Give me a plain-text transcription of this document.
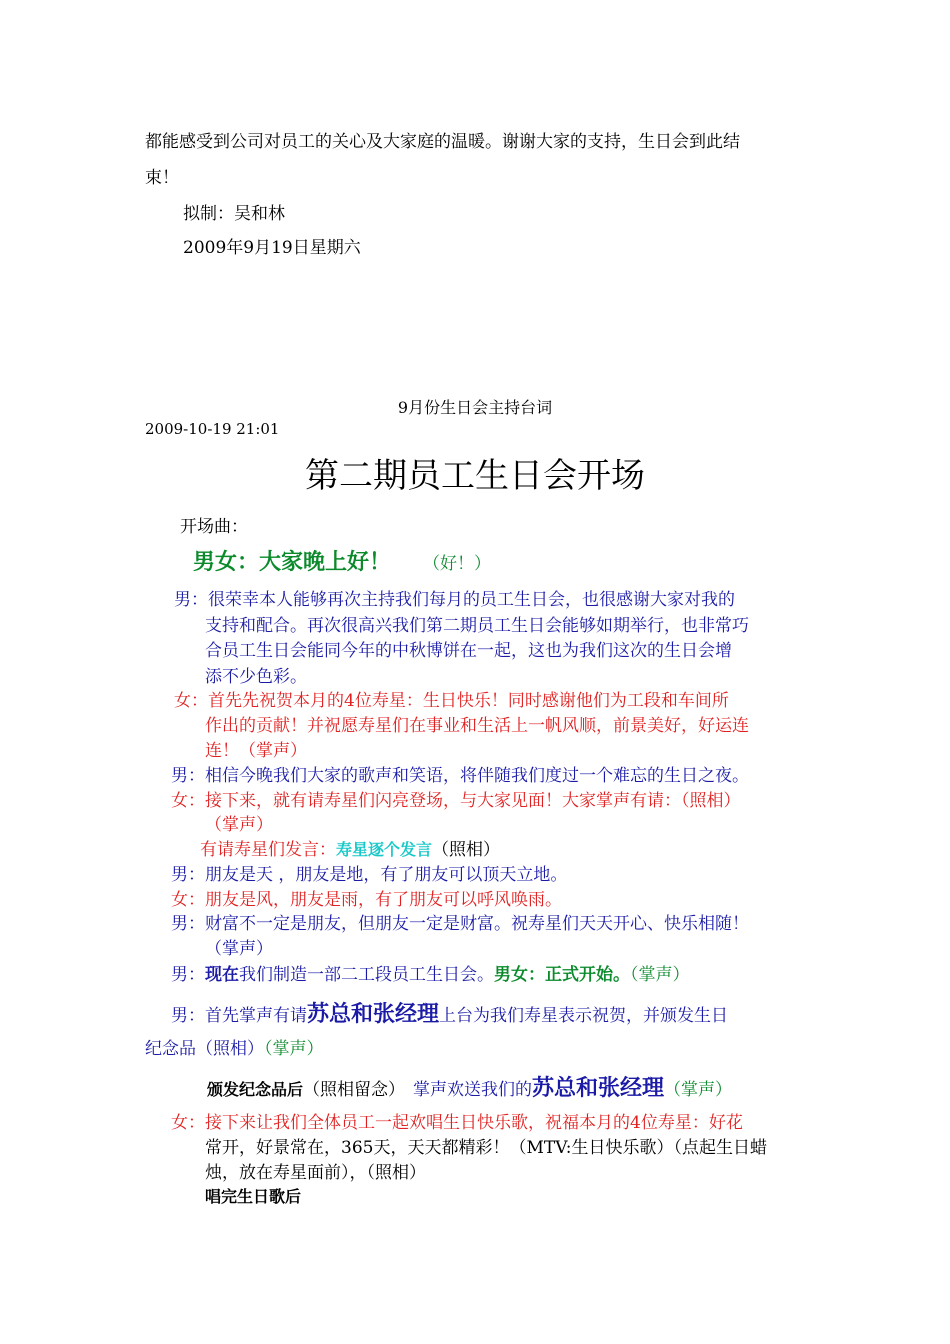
都能感受到公司对员工的关心及大家庭的温暖。谢谢大家的支持，生日会到此结
束！
拟制：吴和林
2009年9月19日星期六
9月份生日会主持台词
2009-10-19 21:01
第二期员工生日会开场
开场曲：
男女：大家晚上好！ （好！）
男：很荣幸本人能够再次主持我们每月的员工生日会，也很感谢大家对我的
支持和配合。再次很高兴我们第二期员工生日会能够如期举行，也非常巧
合员工生日会能同今年的中秋博饼在一起，这也为我们这次的生日会增
添不少色彩。
女：首先先祝贺本月的4位寿星：生日快乐！同时感谢他们为工段和车间所
作出的贡献！并祝愿寿星们在事业和生活上一帆风顺，前景美好，好运连
连！（掌声）
男：相信今晚我们大家的歌声和笑语，将伴随我们度过一个难忘的生日之夜。
女：接下来，就有请寿星们闪亮登场，与大家见面！大家掌声有请：（照相）
（掌声）
有请寿星们发言：寿星逐个发言（照相）
男：朋友是天 ，朋友是地，有了朋友可以顶天立地。
女：朋友是风，朋友是雨，有了朋友可以呼风唤雨。
男：财富不一定是朋友，但朋友一定是财富。祝寿星们天天开心、快乐相随！
（掌声）
男：现在我们制造一部二工段员工生日会。男女：正式开始。（掌声）
男：首先掌声有请苏总和张经理上台为我们寿星表示祝贺，并颁发生日
纪念品（照相）（掌声）
颁发纪念品后（照相留念） 掌声欢送我们的苏总和张经理（掌声）
女：接下来让我们全体员工一起欢唱生日快乐歌，祝福本月的4位寿星：好花
常开，好景常在，365天，天天都精彩！（MTV:生日快乐歌）（点起生日蜡
烛，放在寿星面前），（照相）
唱完生日歌后
